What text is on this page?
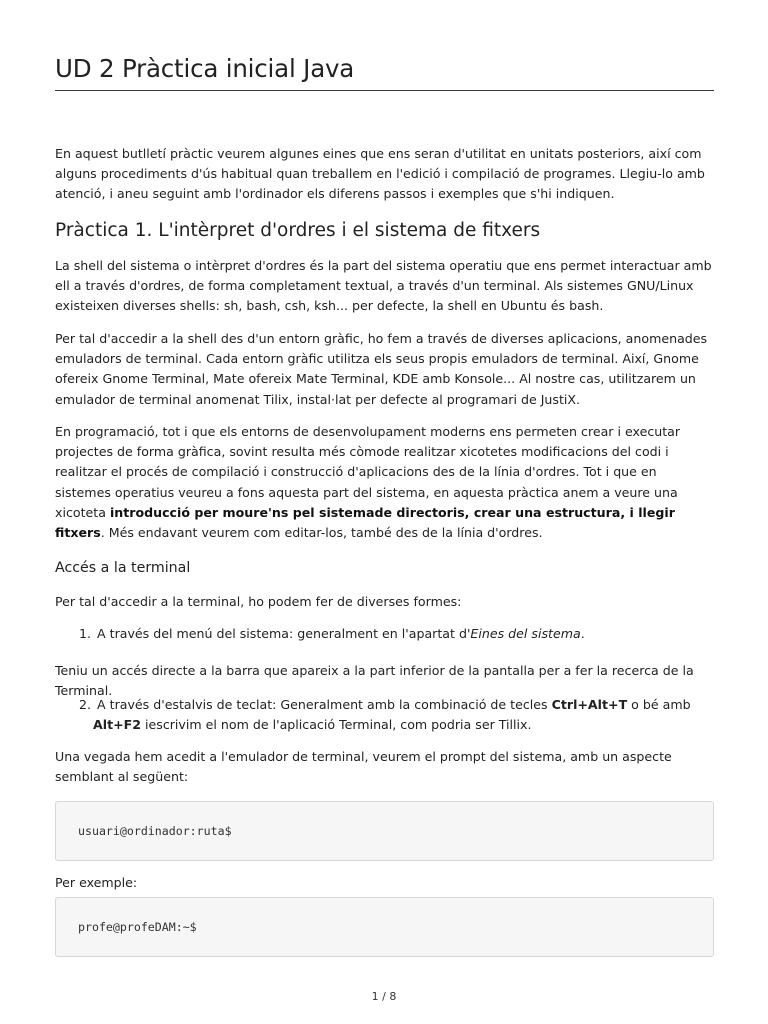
UD 2 Pràctica inicial Java

En aquest butlletí pràctic veurem algunes eines que ens seran d'utilitat en unitats posteriors, així com alguns procediments d'ús habitual quan treballem en l'edició i compilació de programes. Llegiu-lo amb atenció, i aneu seguint amb l'ordinador els diferens passos i exemples que s'hi indiquen.

Pràctica 1. L'intèrpret d'ordres i el sistema de fitxers

La shell del sistema o intèrpret d'ordres és la part del sistema operatiu que ens permet interactuar amb ell a través d'ordres, de forma completament textual, a través d'un terminal. Als sistemes GNU/Linux existeixen diverses shells: sh, bash, csh, ksh... per defecte, la shell en Ubuntu és bash.

Per tal d'accedir a la shell des d'un entorn gràfic, ho fem a través de diverses aplicacions, anomenades emuladors de terminal. Cada entorn gràfic utilitza els seus propis emuladors de terminal. Així, Gnome ofereix Gnome Terminal, Mate ofereix Mate Terminal, KDE amb Konsole... Al nostre cas, utilitzarem un emulador de terminal anomenat Tilix, instal·lat per defecte al programari de JustiX.

En programació, tot i que els entorns de desenvolupament moderns ens permeten crear i executar projectes de forma gràfica, sovint resulta més còmode realitzar xicotetes modificacions del codi i realitzar el procés de compilació i construcció d'aplicacions des de la línia d'ordres. Tot i que en sistemes operatius veureu a fons aquesta part del sistema, en aquesta pràctica anem a veure una xicoteta introducció per moure'ns pel sistemade directoris, crear una estructura, i llegir fitxers. Més endavant veurem com editar-los, també des de la línia d'ordres.

Accés a la terminal

Per tal d'accedir a la terminal, ho podem fer de diverses formes:

1. A través del menú del sistema: generalment en l'apartat d'Eines del sistema.

Teniu un accés directe a la barra que apareix a la part inferior de la pantalla per a fer la recerca de la Terminal.

2. A través d'estalvis de teclat: Generalment amb la combinació de tecles Ctrl+Alt+T o bé amb
Alt+F2 iescrivim el nom de l'aplicació Terminal, com podria ser Tillix.

Una vegada hem acedit a l'emulador de terminal, veurem el prompt del sistema, amb un aspecte semblant al següent:

usuari@ordinador:ruta$

Per exemple:

profe@profeDAM:~$
1 / 8
